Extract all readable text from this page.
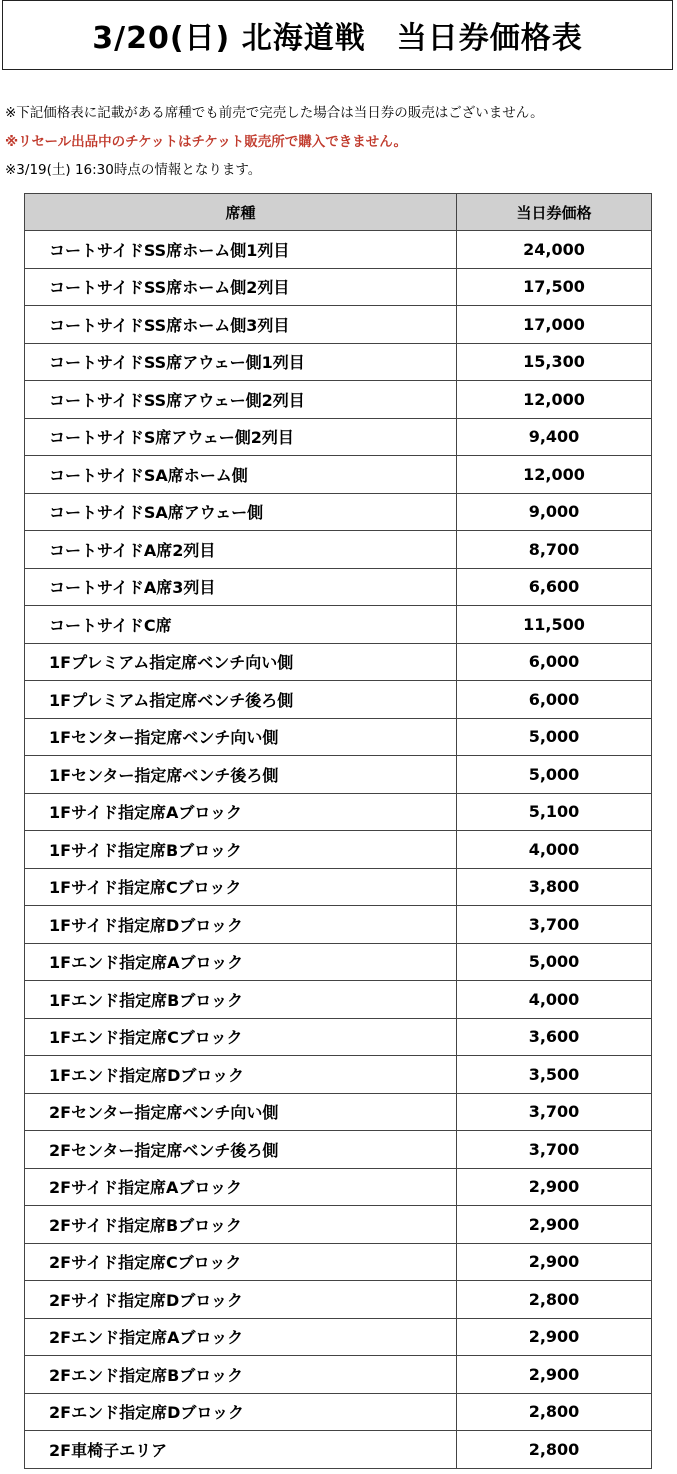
3/20(日) 北海道戦　当日券価格表
※下記価格表に記載がある席種でも前売で完売した場合は当日券の販売はございません。
※リセール出品中のチケットはチケット販売所で購入できません。
※3/19(土) 16:30時点の情報となります。
席種	当日券価格
コートサイドSS席ホーム側1列目	24,000
コートサイドSS席ホーム側2列目	17,500
コートサイドSS席ホーム側3列目	17,000
コートサイドSS席アウェー側1列目	15,300
コートサイドSS席アウェー側2列目	12,000
コートサイドS席アウェー側2列目	9,400
コートサイドSA席ホーム側	12,000
コートサイドSA席アウェー側	9,000
コートサイドA席2列目	8,700
コートサイドA席3列目	6,600
コートサイドC席	11,500
1Fプレミアム指定席ベンチ向い側	6,000
1Fプレミアム指定席ベンチ後ろ側	6,000
1Fセンター指定席ベンチ向い側	5,000
1Fセンター指定席ベンチ後ろ側	5,000
1Fサイド指定席Aブロック	5,100
1Fサイド指定席Bブロック	4,000
1Fサイド指定席Cブロック	3,800
1Fサイド指定席Dブロック	3,700
1Fエンド指定席Aブロック	5,000
1Fエンド指定席Bブロック	4,000
1Fエンド指定席Cブロック	3,600
1Fエンド指定席Dブロック	3,500
2Fセンター指定席ベンチ向い側	3,700
2Fセンター指定席ベンチ後ろ側	3,700
2Fサイド指定席Aブロック	2,900
2Fサイド指定席Bブロック	2,900
2Fサイド指定席Cブロック	2,900
2Fサイド指定席Dブロック	2,800
2Fエンド指定席Aブロック	2,900
2Fエンド指定席Bブロック	2,900
2Fエンド指定席Dブロック	2,800
2F車椅子エリア	2,800
